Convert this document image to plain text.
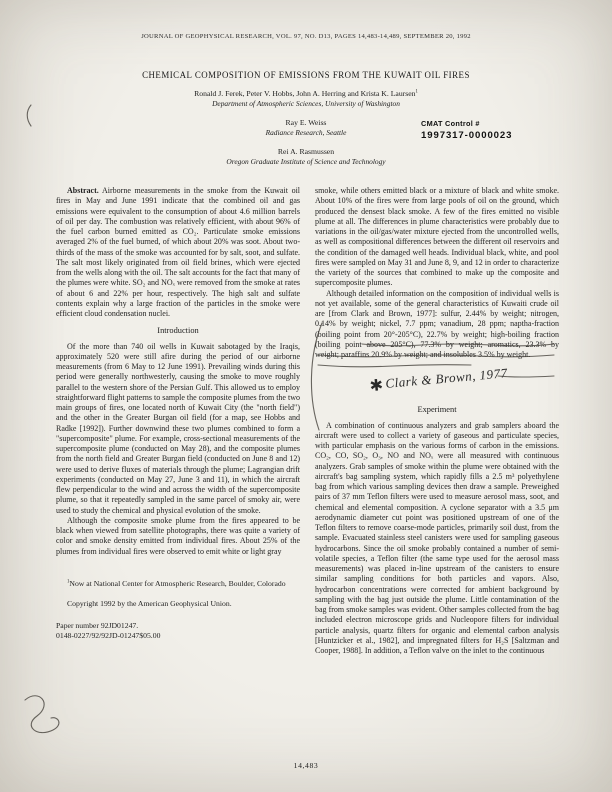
JOURNAL OF GEOPHYSICAL RESEARCH, VOL. 97, NO. D13, PAGES 14,483-14,489, SEPTEMBER 20, 1992
CHEMICAL COMPOSITION OF EMISSIONS FROM THE KUWAIT OIL FIRES
Ronald J. Ferek, Peter V. Hobbs, John A. Herring and Krista K. Laursen$^1$
Department of Atmospheric Sciences, University of Washington
Ray E. Weiss
Radiance Research, Seattle
Rei A. Rasmussen
Oregon Graduate Institute of Science and Technology
CMAT Control #
1997317-0000023

Abstract. Airborne measurements in the smoke from the Kuwait oil fires in May and June 1991 indicate that the combined oil and gas emissions were equivalent to the consumption of about 4.6 million barrels of oil per day. The combustion was relatively efficient, with about 96% of the fuel carbon burned emitted as CO₂. Particulate smoke emissions averaged 2% of the fuel burned, of which about 20% was soot. About two-thirds of the mass of the smoke was accounted for by salt, soot, and sulfate. The salt most likely originated from oil field brines, which were ejected from the wells along with the oil. The salt accounts for the fact that many of the plumes were white. SO₂ and NOₓ were removed from the smoke at rates of about 6 and 22% per hour, respectively. The high salt and sulfate contents explain why a large fraction of the particles in the smoke were efficient cloud condensation nuclei.

Introduction

Of the more than 740 oil wells in Kuwait sabotaged by the Iraqis, approximately 520 were still afire during the period of our airborne measurements (from 6 May to 12 June 1991). Prevailing winds during this period were generally northwesterly, causing the smoke to move roughly parallel to the western shore of the Persian Gulf. This allowed us to employ straightforward flight patterns to sample the composite plumes from the two main groups of fires, one located north of Kuwait City (the "north field") and the other in the Greater Burgan oil field (for a map, see Hobbs and Radke [1992]). Further downwind these two plumes combined to form a "supercomposite" plume. For example, cross-sectional measurements of the supercomposite plume (conducted on May 28), and the composite plumes from the north field and Greater Burgan field (conducted on June 8 and 12) were used to derive fluxes of materials through the plume; Lagrangian drift experiments (conducted on May 27, June 3 and 11), in which the aircraft flew perpendicular to the wind and across the width of the supercomposite plume, so that it repeatedly sampled in the same parcel of smoky air, were used to study the chemical and physical evolution of the smoke.

Although the composite smoke plume from the fires appeared to be black when viewed from satellite photographs, there was quite a variety of color and smoke density emitted from individual fires. About 25% of the plumes from individual fires were observed to emit white or light gray

$^1$Now at National Center for Atmospheric Research, Boulder, Colorado

Copyright 1992 by the American Geophysical Union.

Paper number 92JD01247.

0148-0227/92/92JD-01247$05.00

smoke, while others emitted black or a mixture of black and white smoke. About 10% of the fires were from large pools of oil on the ground, which produced the densest black smoke. A few of the fires emitted no visible plume at all. The differences in plume characteristics were probably due to variations in the oil/gas/water mixture ejected from the uncontrolled wells, as well as compositional differences between the different oil reservoirs and the condition of the damaged well heads. Individual black, white, and pool fires were sampled on May 31 and June 8, 9, and 12 in order to characterize the variety of the sources that combined to make up the composite and supercomposite plumes.

Although detailed information on the composition of individual wells is not yet available, some of the general characteristics of Kuwaiti crude oil are [from Clark and Brown, 1977]: sulfur, 2.44% by weight; nitrogen, 0.14% by weight; nickel, 7.7 ppm; vanadium, 28 ppm; naptha-fraction (boiling point from 20°-205°C), 22.7% by weight; high-boiling fraction (boiling point above 205°C), 77.3% by weight; aromatics, 23.3% by weight; paraffins 20.9% by weight; and insolubles 3.5% by weight.

✱Clark & Brown, 1977
Experiment

A combination of continuous analyzers and grab samplers aboard the aircraft were used to collect a variety of gaseous and particulate species, with particular emphasis on the various forms of carbon in the emissions. CO₂, CO, SO₂, O₃, NO and NOₓ were all measured with continuous analyzers. Grab samples of smoke within the plume were obtained with the aircraft's bag sampling system, which rapidly fills a 2.5 m³ polyethylene bag from which various sampling devices then draw a sample. Preweighed pairs of 37 mm Teflon filters were used to measure aerosol mass, soot, and chemical and elemental composition. A cyclone separator with a 3.5 μm aerodynamic diameter cut point was positioned upstream of one of the Teflon filters to remove coarse-mode particles, primarily soil dust, from the sample. Evacuated stainless steel canisters were used for sampling gaseous hydrocarbons. Since the oil smoke probably contained a number of semi-volatile species, a Teflon filter (the same type used for the aerosol mass measurements) was placed in-line upstream of the canisters to ensure similar sampling conditions for both particles and vapors. Also, hydrocarbon concentrations were corrected for ambient background by sampling with the bag just outside the plume. Little contamination of the bag from smoke samples was evident. Other samples collected from the bag included electron microscope grids and Nucleopore filters for individual particle analysis, quartz filters for organic and elemental carbon analysis [Huntzicker et al., 1982], and impregnated filters for H₂S [Saltzman and Cooper, 1988]. In addition, a Teflon valve on the inlet to the continuous

14,483
